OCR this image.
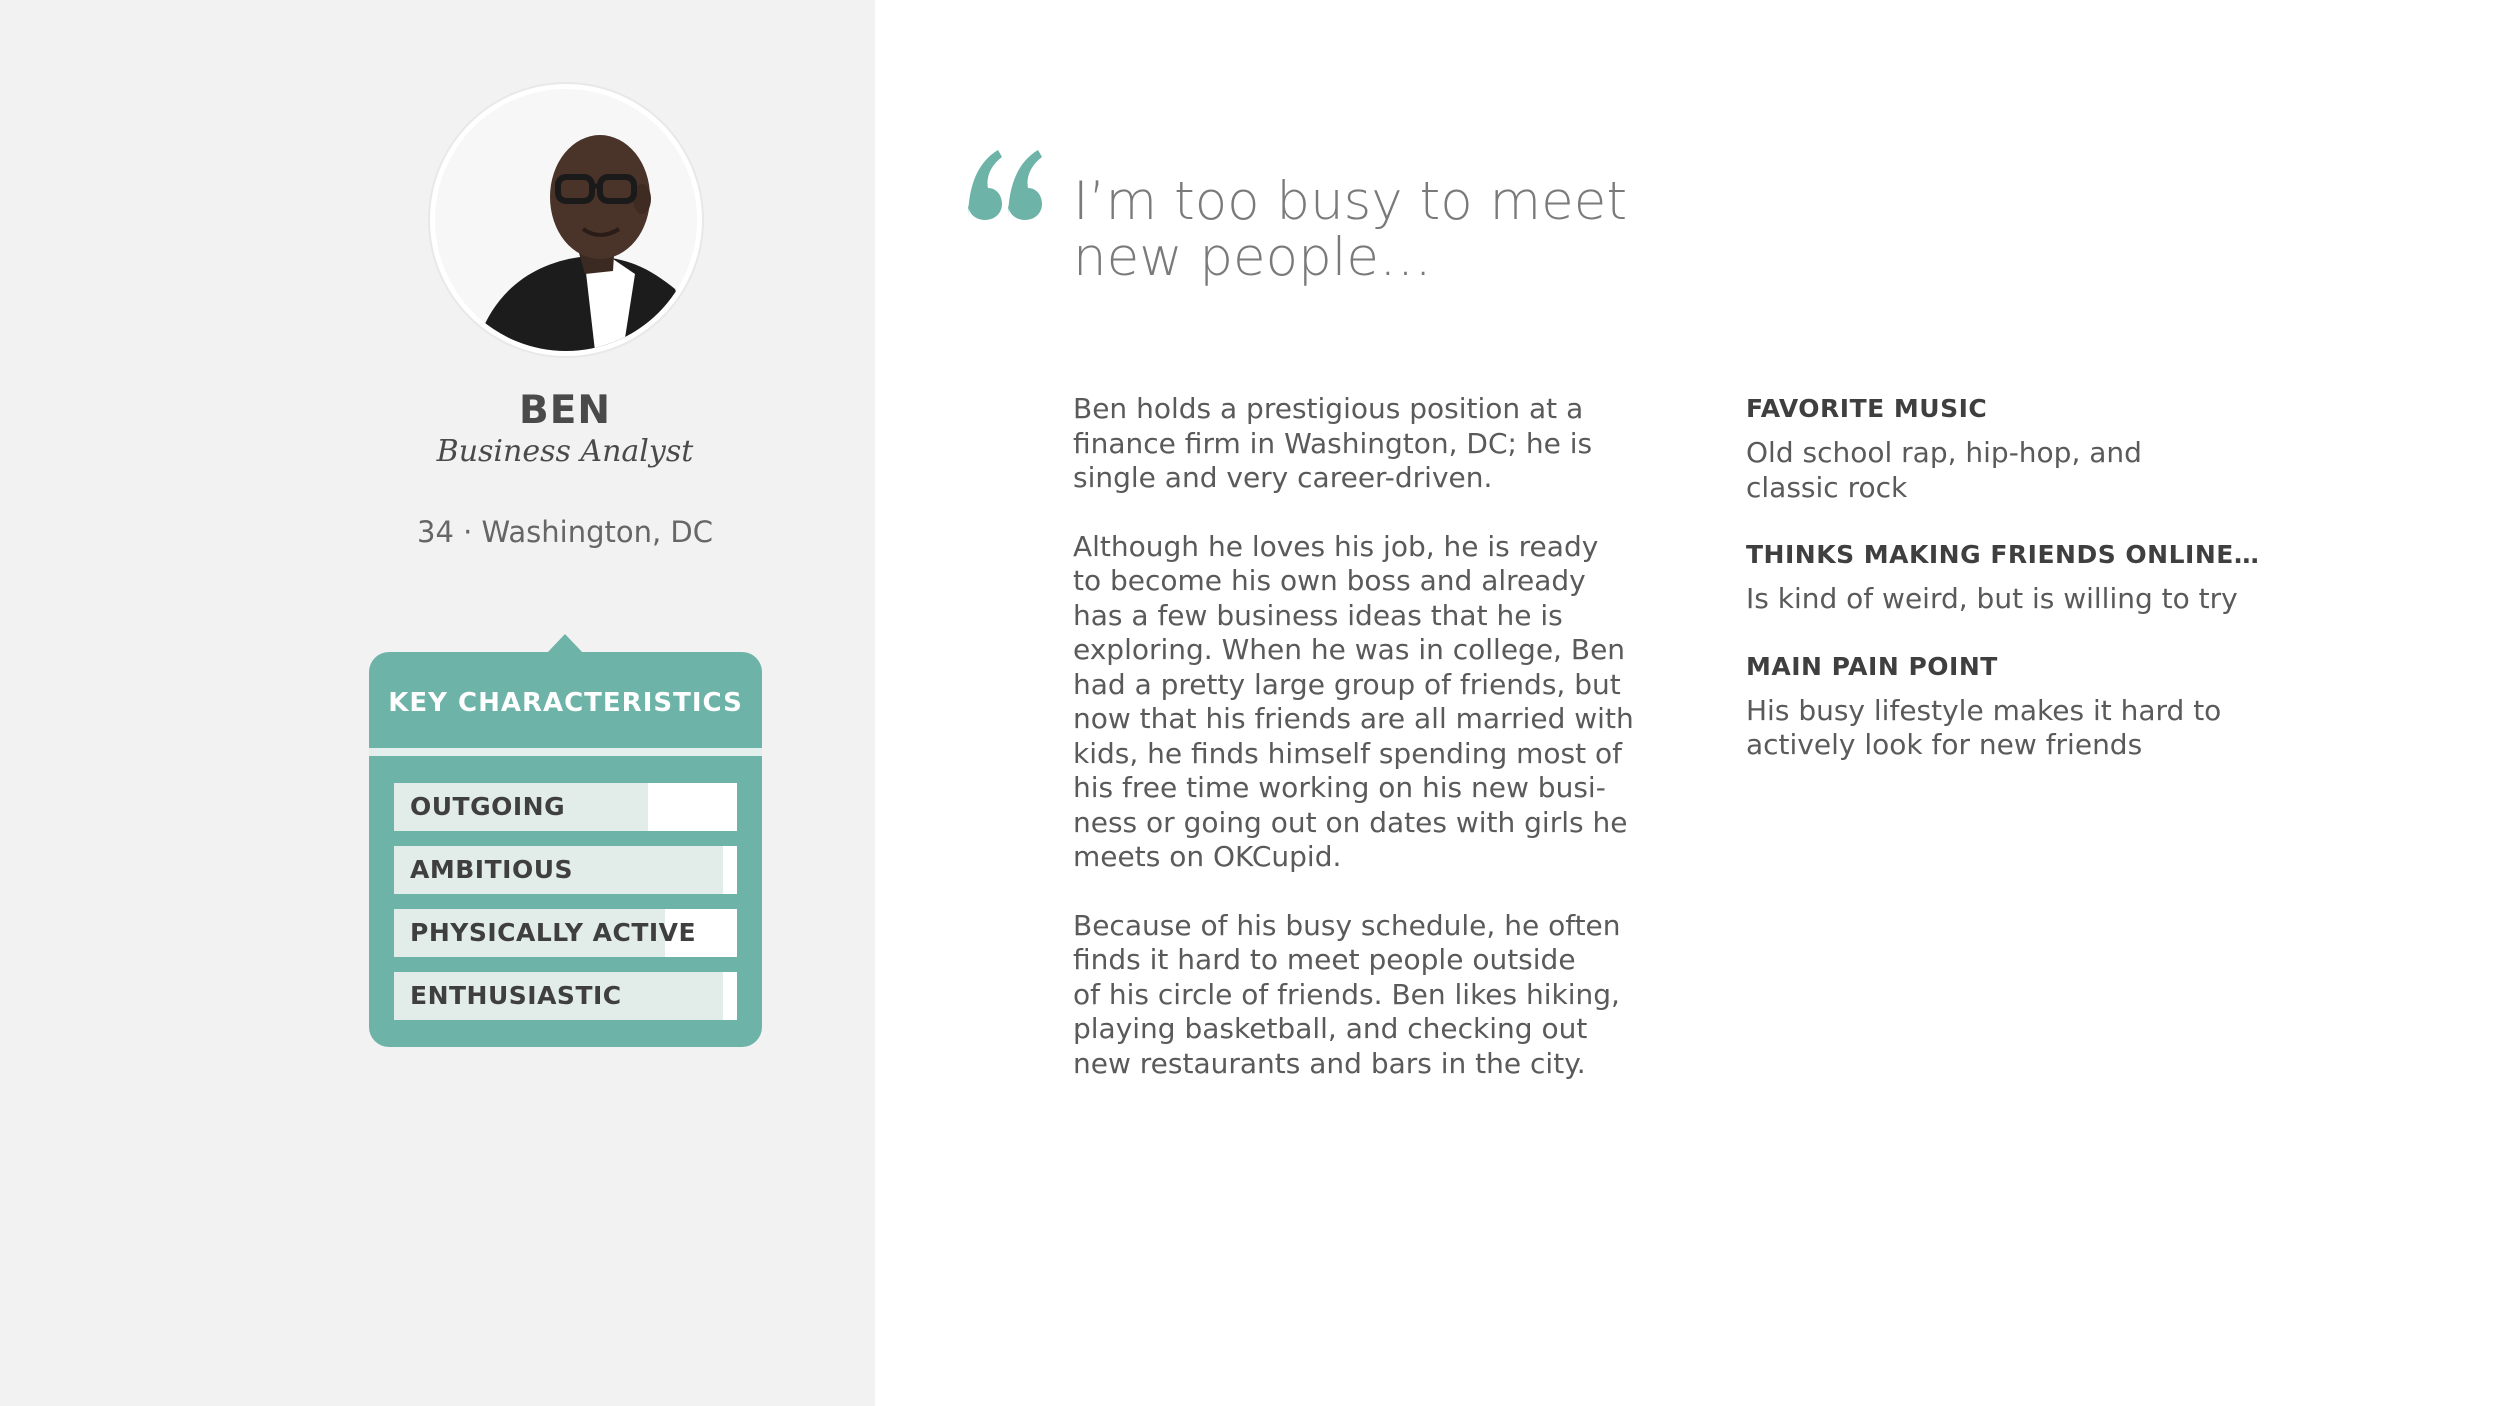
BEN
Business Analyst
34 · Washington, DC
KEY CHARACTERISTICS
OUTGOING
AMBITIOUS
PHYSICALLY ACTIVE
ENTHUSIASTIC
I’m too busy to meet
new people…

Ben holds a prestigious position at a
finance firm in Washington, DC; he is
single and very career-driven.

Although he loves his job, he is ready
to become his own boss and already
has a few business ideas that he is
exploring. When he was in college, Ben
had a pretty large group of friends, but
now that his friends are all married with
kids, he finds himself spending most of
his free time working on his new busi-
ness or going out on dates with girls he
meets on OKCupid.

Because of his busy schedule, he often
finds it hard to meet people outside
of his circle of friends. Ben likes hiking,
playing basketball, and checking out
new restaurants and bars in the city.

FAVORITE MUSIC
Old school rap, hip-hop, and
classic rock
THINKS MAKING FRIENDS ONLINE…
Is kind of weird, but is willing to try
MAIN PAIN POINT
His busy lifestyle makes it hard to
actively look for new friends
